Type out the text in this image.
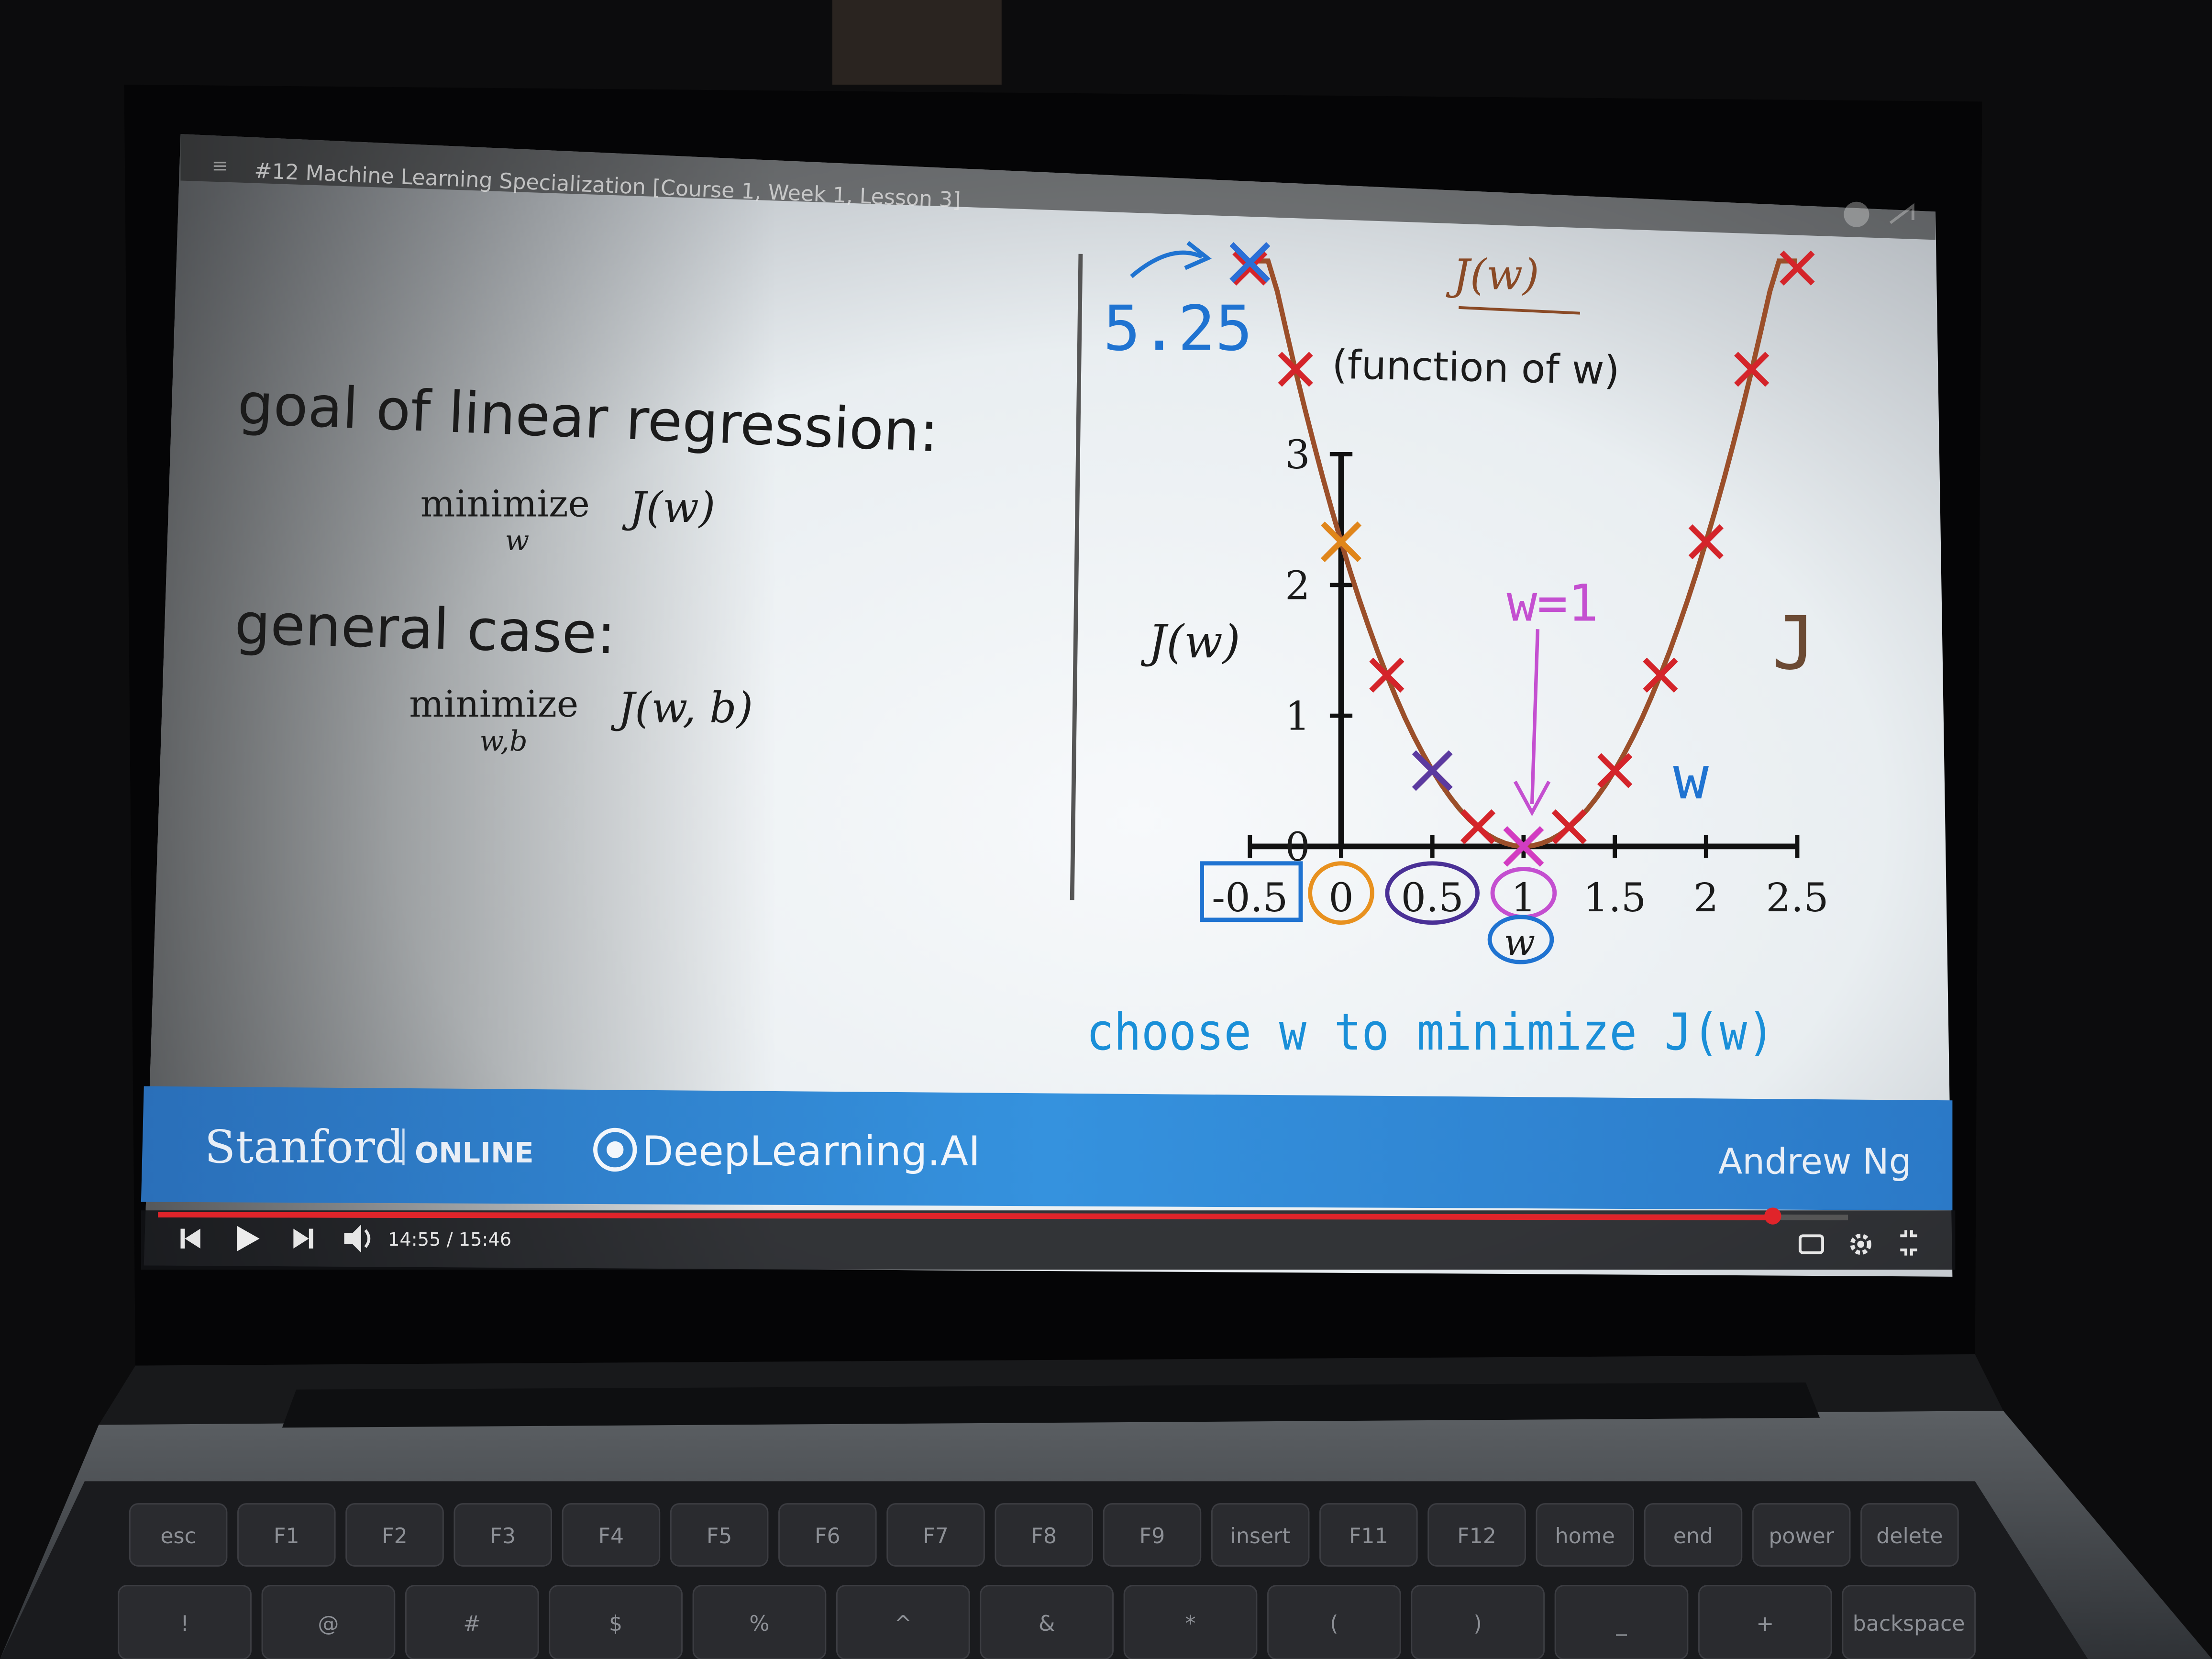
≡	#12 Machine Learning Specialization [Course 1, Week 1, Lesson 3]
goal of linear regression:
minimize	J(w)
w
general case:
minimize	J(w, b)
w,b
J(w)
(function of w)
J(w)
-0.5	0	0.5	1	1.5	2	2.5
0
1
2
3
5.25
w=1	J
w
choose w to minimize J(w)
w
Stanford ONLINE	DeepLearning.AI	Andrew Ng
14:55 / 15:46
esc	F1	F2	F3	F4	F5	F6	F7	F8	F9	insert	F11	F12	home	end	power	delete
!	@	#	$	%	^	&	*	(	)	_	+	backspace
